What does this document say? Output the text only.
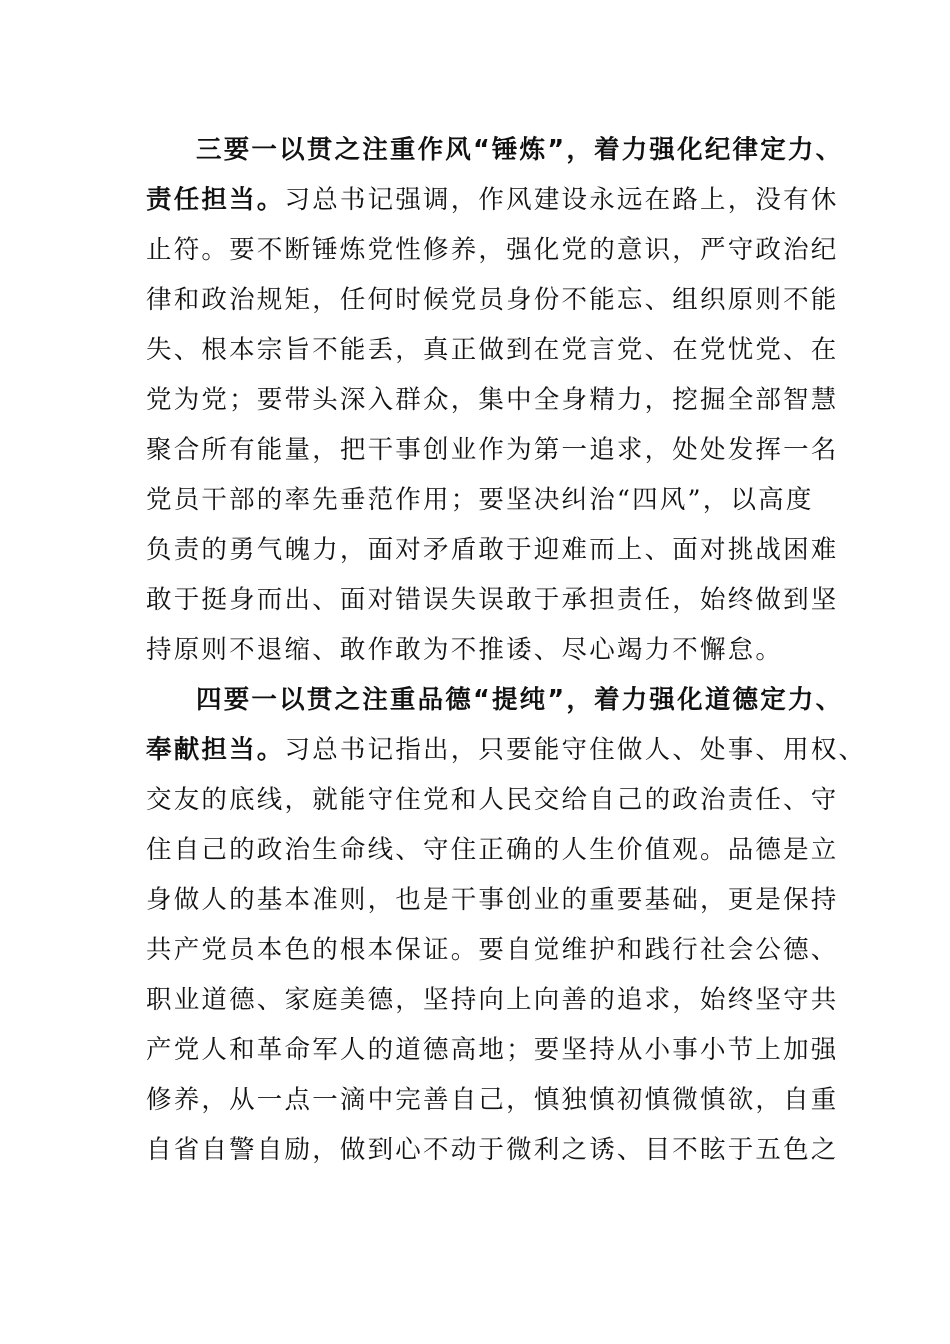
三要一以贯之注重作风“锤炼”，着力强化纪律定力、
责任担当。习总书记强调，作风建设永远在路上，没有休
止符。要不断锤炼党性修养，强化党的意识，严守政治纪
律和政治规矩，任何时候党员身份不能忘、组织原则不能
失、根本宗旨不能丢，真正做到在党言党、在党忧党、在
党为党；要带头深入群众，集中全身精力，挖掘全部智慧
聚合所有能量，把干事创业作为第一追求，处处发挥一名
党员干部的率先垂范作用；要坚决纠治“四风”，以高度
负责的勇气魄力，面对矛盾敢于迎难而上、面对挑战困难
敢于挺身而出、面对错误失误敢于承担责任，始终做到坚
持原则不退缩、敢作敢为不推诿、尽心竭力不懈怠。
四要一以贯之注重品德“提纯”，着力强化道德定力、
奉献担当。习总书记指出，只要能守住做人、处事、用权、
交友的底线，就能守住党和人民交给自己的政治责任、守
住自己的政治生命线、守住正确的人生价值观。品德是立
身做人的基本准则，也是干事创业的重要基础，更是保持
共产党员本色的根本保证。要自觉维护和践行社会公德、
职业道德、家庭美德，坚持向上向善的追求，始终坚守共
产党人和革命军人的道德高地；要坚持从小事小节上加强
修养，从一点一滴中完善自己，慎独慎初慎微慎欲，自重
自省自警自励，做到心不动于微利之诱、目不眩于五色之
